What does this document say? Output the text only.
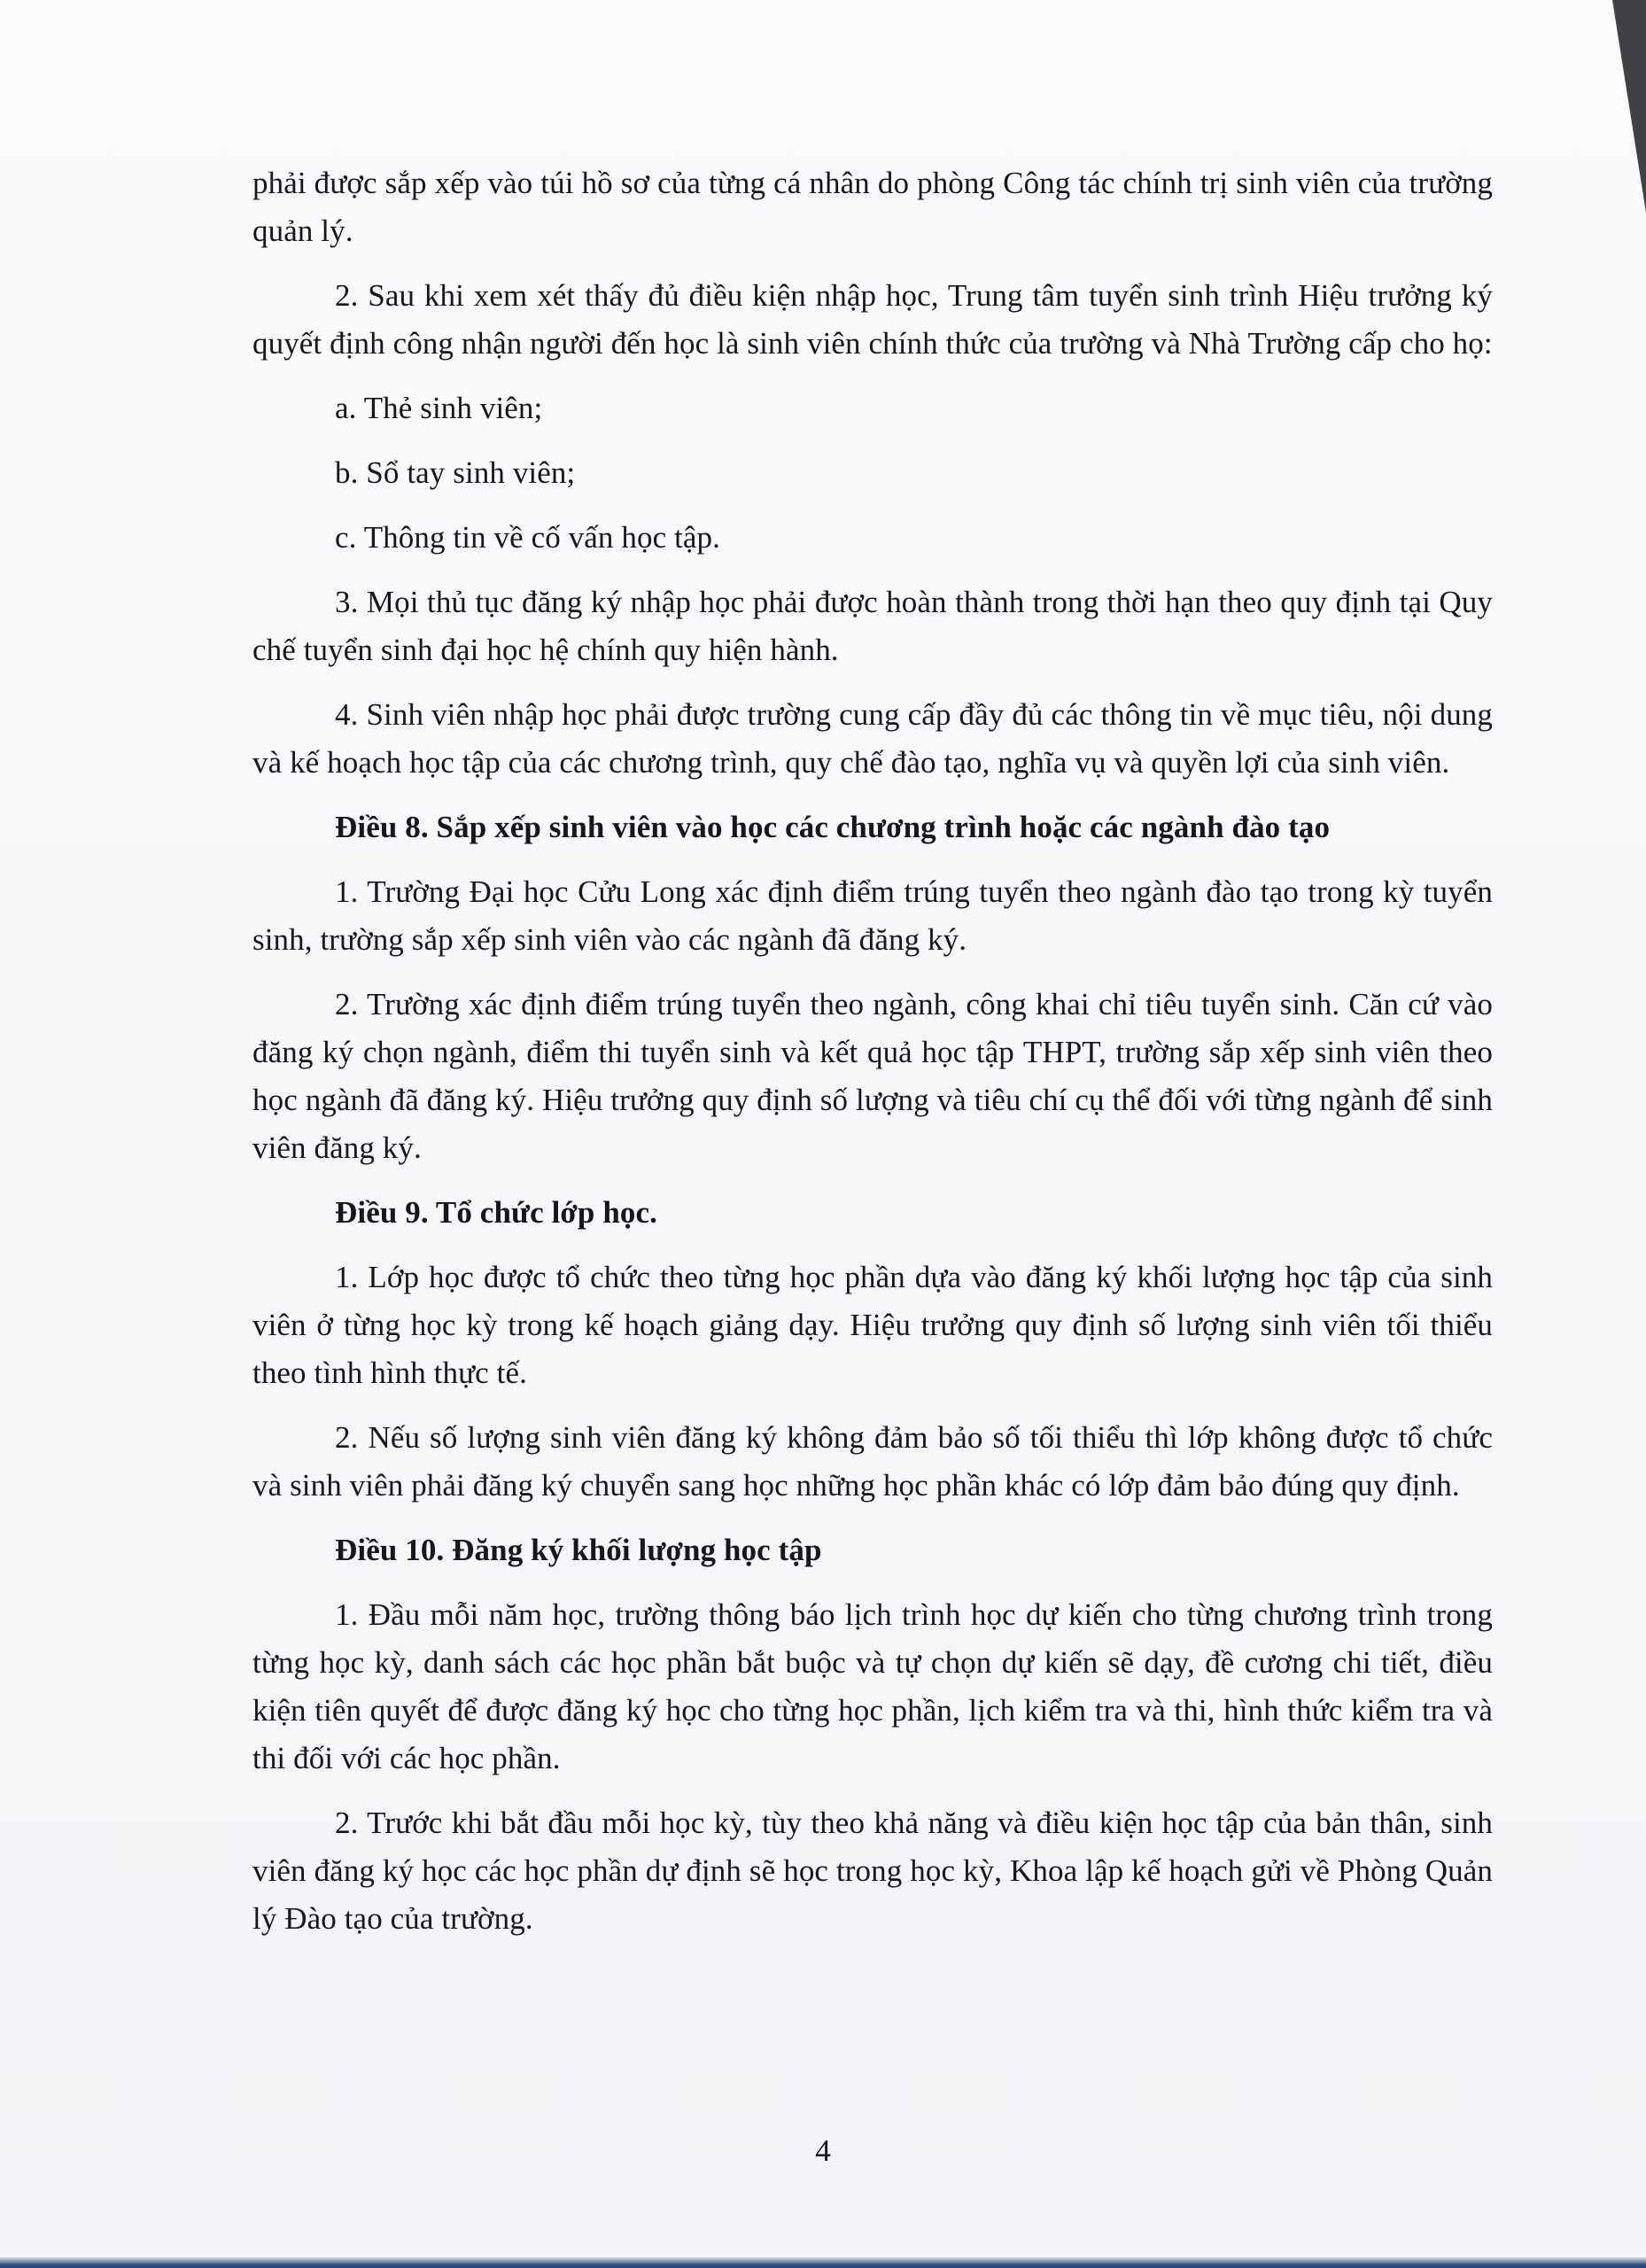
phải được sắp xếp vào túi hồ sơ của từng cá nhân do phòng Công tác chính trị sinh viên của trường quản lý.

2. Sau khi xem xét thấy đủ điều kiện nhập học, Trung tâm tuyển sinh trình Hiệu trưởng ký quyết định công nhận người đến học là sinh viên chính thức của trường và Nhà Trường cấp cho họ:

a. Thẻ sinh viên;

b. Sổ tay sinh viên;

c. Thông tin về cố vấn học tập.

3. Mọi thủ tục đăng ký nhập học phải được hoàn thành trong thời hạn theo quy định tại Quy chế tuyển sinh đại học hệ chính quy hiện hành.

4. Sinh viên nhập học phải được trường cung cấp đầy đủ các thông tin về mục tiêu, nội dung và kế hoạch học tập của các chương trình, quy chế đào tạo, nghĩa vụ và quyền lợi của sinh viên.

Điều 8. Sắp xếp sinh viên vào học các chương trình hoặc các ngành đào tạo

1. Trường Đại học Cửu Long xác định điểm trúng tuyển theo ngành đào tạo trong kỳ tuyển sinh, trường sắp xếp sinh viên vào các ngành đã đăng ký.

2. Trường xác định điểm trúng tuyển theo ngành, công khai chỉ tiêu tuyển sinh. Căn cứ vào đăng ký chọn ngành, điểm thi tuyển sinh và kết quả học tập THPT, trường sắp xếp sinh viên theo học ngành đã đăng ký. Hiệu trưởng quy định số lượng và tiêu chí cụ thể đối với từng ngành để sinh viên đăng ký.

Điều 9. Tổ chức lớp học.

1. Lớp học được tổ chức theo từng học phần dựa vào đăng ký khối lượng học tập của sinh viên ở từng học kỳ trong kế hoạch giảng dạy. Hiệu trưởng quy định số lượng sinh viên tối thiểu theo tình hình thực tế.

2. Nếu số lượng sinh viên đăng ký không đảm bảo số tối thiểu thì lớp không được tổ chức và sinh viên phải đăng ký chuyển sang học những học phần khác có lớp đảm bảo đúng quy định.

Điều 10. Đăng ký khối lượng học tập

1. Đầu mỗi năm học, trường thông báo lịch trình học dự kiến cho từng chương trình trong từng học kỳ, danh sách các học phần bắt buộc và tự chọn dự kiến sẽ dạy, đề cương chi tiết, điều kiện tiên quyết để được đăng ký học cho từng học phần, lịch kiểm tra và thi, hình thức kiểm tra và thi đối với các học phần.

2. Trước khi bắt đầu mỗi học kỳ, tùy theo khả năng và điều kiện học tập của bản thân, sinh viên đăng ký học các học phần dự định sẽ học trong học kỳ, Khoa lập kế hoạch gửi về Phòng Quản lý Đào tạo của trường.

4
